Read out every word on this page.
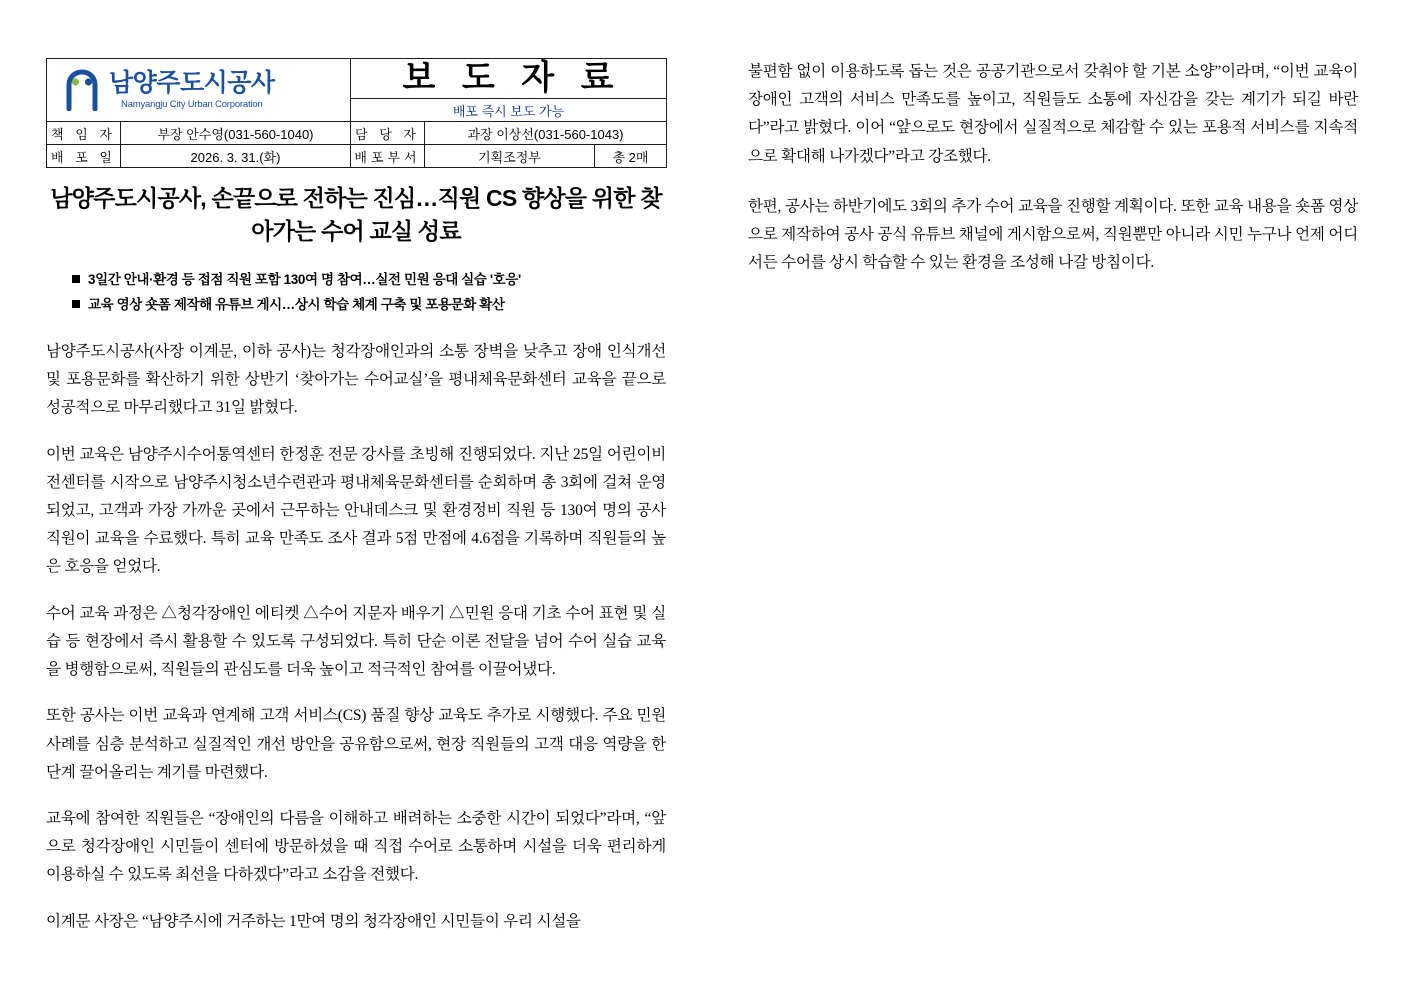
남양주도시공사
Namyangju City Urban Corporation		보 도 자 료		

		배포 즉시 보도 가능		
책 임 자	부장 안수영(031-560-1040)	담 당 자	과장 이상선(031-560-1043)	
배 포 일	2026. 3. 31.(화)	배포부서	기획조정부	총 2매
남양주도시공사, 손끝으로 전하는 진심…직원 CS 향상을 위한 찾아가는 수어 교실 성료
3일간 안내·환경 등 접점 직원 포함 130여 명 참여…실전 민원 응대 실습 '호응'
교육 영상 숏폼 제작해 유튜브 게시…상시 학습 체계 구축 및 포용문화 확산

남양주도시공사(사장 이계문, 이하 공사)는 청각장애인과의 소통 장벽을 낮추고 장애 인식개선 및 포용문화를 확산하기 위한 상반기 ‘찾아가는 수어교실’을 평내체육문화센터 교육을 끝으로 성공적으로 마무리했다고 31일 밝혔다.

이번 교육은 남양주시수어통역센터 한정훈 전문 강사를 초빙해 진행되었다. 지난 25일 어린이비전센터를 시작으로 남양주시청소년수련관과 평내체육문화센터를 순회하며 총 3회에 걸쳐 운영되었고, 고객과 가장 가까운 곳에서 근무하는 안내데스크 및 환경정비 직원 등 130여 명의 공사 직원이 교육을 수료했다. 특히 교육 만족도 조사 결과 5점 만점에 4.6점을 기록하며 직원들의 높은 호응을 얻었다.

수어 교육 과정은 △청각장애인 에티켓 △수어 지문자 배우기 △민원 응대 기초 수어 표현 및 실습 등 현장에서 즉시 활용할 수 있도록 구성되었다. 특히 단순 이론 전달을 넘어 수어 실습 교육을 병행함으로써, 직원들의 관심도를 더욱 높이고 적극적인 참여를 이끌어냈다.

또한 공사는 이번 교육과 연계해 고객 서비스(CS) 품질 향상 교육도 추가로 시행했다. 주요 민원 사례를 심층 분석하고 실질적인 개선 방안을 공유함으로써, 현장 직원들의 고객 대응 역량을 한 단계 끌어올리는 계기를 마련했다.

교육에 참여한 직원들은 “장애인의 다름을 이해하고 배려하는 소중한 시간이 되었다”라며, “앞으로 청각장애인 시민들이 센터에 방문하셨을 때 직접 수어로 소통하며 시설을 더욱 편리하게 이용하실 수 있도록 최선을 다하겠다”라고 소감을 전했다.

이계문 사장은 “남양주시에 거주하는 1만여 명의 청각장애인 시민들이 우리 시설을

불편함 없이 이용하도록 돕는 것은 공공기관으로서 갖춰야 할 기본 소양”이라며, “이번 교육이 장애인 고객의 서비스 만족도를 높이고, 직원들도 소통에 자신감을 갖는 계기가 되길 바란다”라고 밝혔다. 이어 “앞으로도 현장에서 실질적으로 체감할 수 있는 포용적 서비스를 지속적으로 확대해 나가겠다”라고 강조했다.

한편, 공사는 하반기에도 3회의 추가 수어 교육을 진행할 계획이다. 또한 교육 내용을 숏폼 영상으로 제작하여 공사 공식 유튜브 채널에 게시함으로써, 직원뿐만 아니라 시민 누구나 언제 어디서든 수어를 상시 학습할 수 있는 환경을 조성해 나갈 방침이다.
